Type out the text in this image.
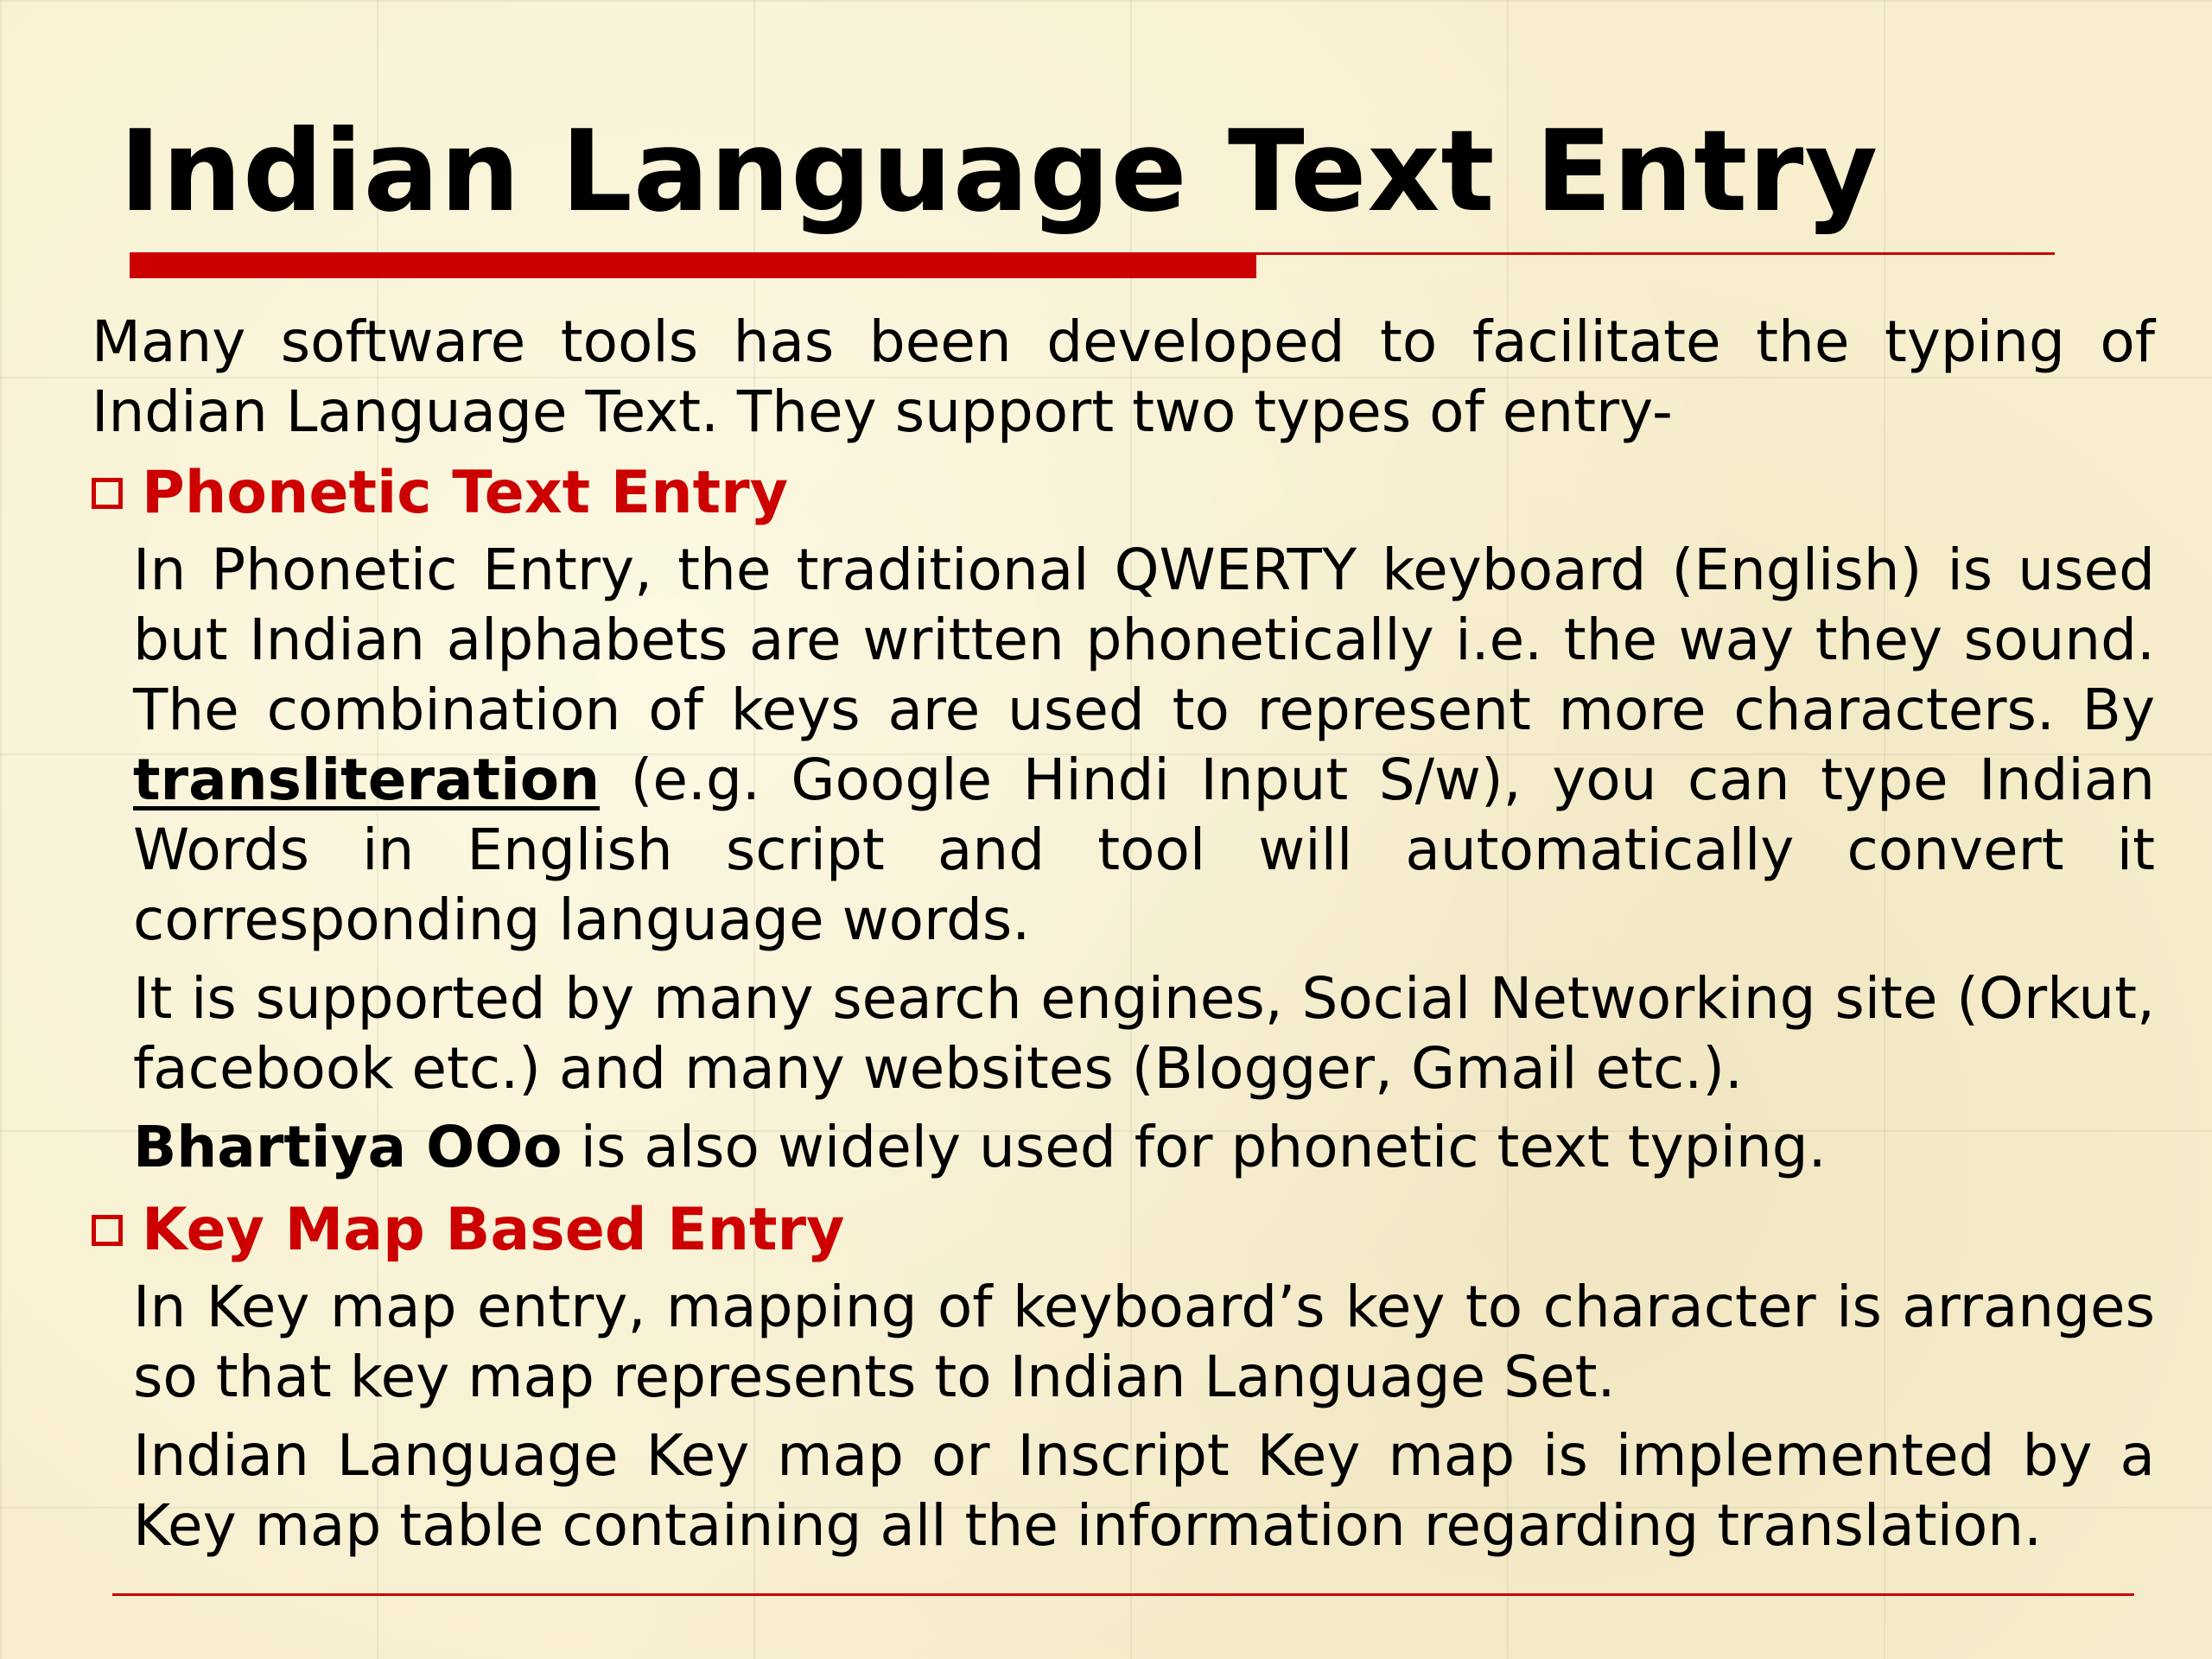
Indian Language Text Entry

Many software tools has been developed to facilitate the typing of Indian Language Text. They support two types of entry-

Phonetic Text Entry

In Phonetic Entry, the traditional QWERTY keyboard (English) is used but Indian alphabets are written phonetically i.e. the way they sound. The combination of keys are used to represent more characters. By transliteration (e.g. Google Hindi Input S/w), you can type Indian Words in English script and tool will automatically convert it corresponding language words.

It is supported by many search engines, Social Networking site (Orkut, facebook etc.) and many websites (Blogger, Gmail etc.).

Bhartiya OOo is also widely used for phonetic text typing.

Key Map Based Entry

In Key map entry, mapping of keyboard’s key to character is arranges so that key map represents to Indian Language Set.

Indian Language Key map or Inscript Key map is implemented by a Key map table containing all the information regarding translation.
